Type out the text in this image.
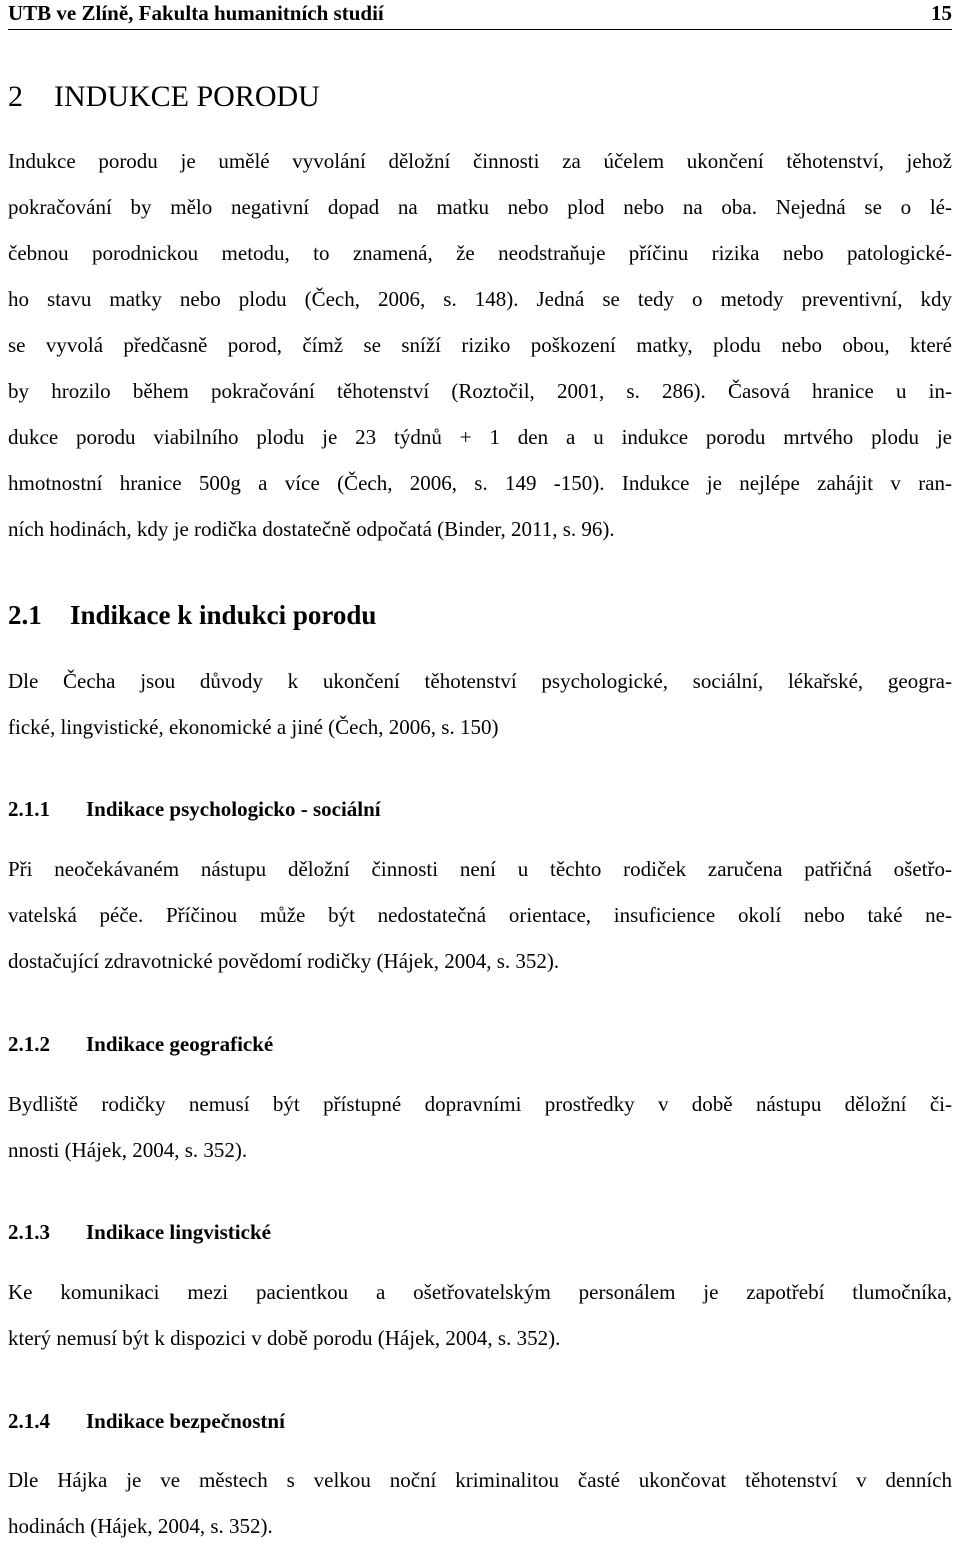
UTB ve Zlíně, Fakulta humanitních studií	15
2 INDUKCE PORODU
Indukce porodu je umělé vyvolání děložní činnosti za účelem ukončení těhotenství, jehož
pokračování by mělo negativní dopad na matku nebo plod nebo na oba. Nejedná se o lé-
čebnou porodnickou metodu, to znamená, že neodstraňuje příčinu rizika nebo patologické-
ho stavu matky nebo plodu (Čech, 2006, s. 148). Jedná se tedy o metody preventivní, kdy
se vyvolá předčasně porod, čímž se sníží riziko poškození matky, plodu nebo obou, které
by hrozilo během pokračování těhotenství (Roztočil, 2001, s. 286). Časová hranice u in-
dukce porodu viabilního plodu je 23 týdnů + 1 den a u indukce porodu mrtvého plodu je
hmotnostní hranice 500g a více (Čech, 2006, s. 149 -150). Indukce je nejlépe zahájit v ran-
ních hodinách, kdy je rodička dostatečně odpočatá (Binder, 2011, s. 96).
2.1 Indikace k indukci porodu
Dle Čecha jsou důvody k ukončení těhotenství psychologické, sociální, lékařské, geogra-
fické, lingvistické, ekonomické a jiné (Čech, 2006, s. 150)
2.1.1 Indikace psychologicko - sociální
Při neočekávaném nástupu děložní činnosti není u těchto rodiček zaručena patřičná ošetřo-
vatelská péče. Příčinou může být nedostatečná orientace, insuficience okolí nebo také ne-
dostačující zdravotnické povědomí rodičky (Hájek, 2004, s. 352).
2.1.2 Indikace geografické
Bydliště rodičky nemusí být přístupné dopravními prostředky v době nástupu děložní či-
nnosti (Hájek, 2004, s. 352).
2.1.3 Indikace lingvistické
Ke komunikaci mezi pacientkou a ošetřovatelským personálem je zapotřebí tlumočníka,
který nemusí být k dispozici v době porodu (Hájek, 2004, s. 352).
2.1.4 Indikace bezpečnostní
Dle Hájka je ve městech s velkou noční kriminalitou časté ukončovat těhotenství v denních
hodinách (Hájek, 2004, s. 352).
